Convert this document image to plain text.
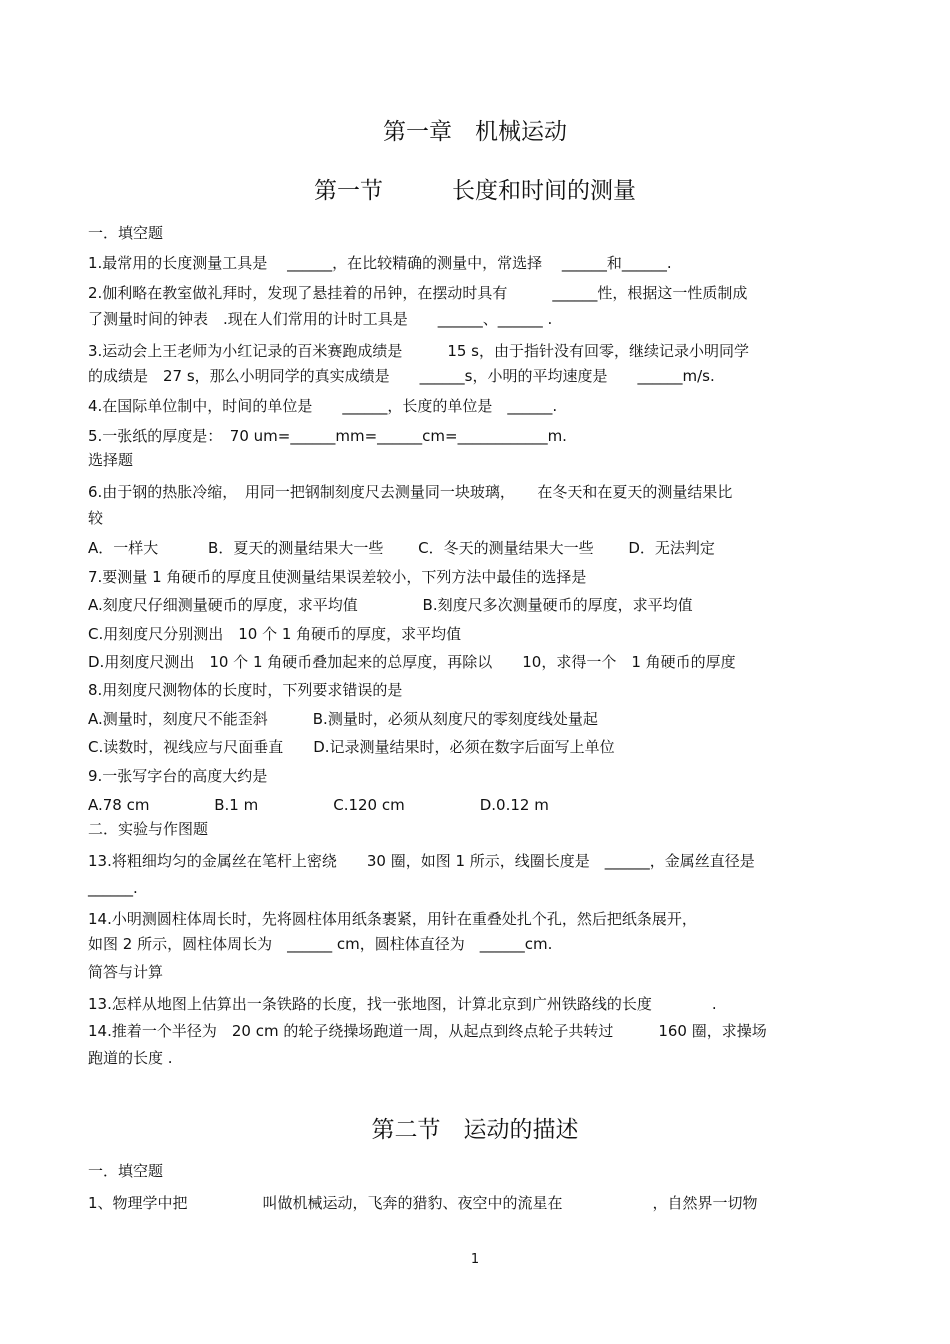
第一章　机械运动
第一节　　　长度和时间的测量
一．填空题
1.最常用的长度测量工具是　 ______，在比较精确的测量中，常选择　 ______和______.
2.伽利略在教室做礼拜时，发现了悬挂着的吊钟，在摆动时具有　　　______性，根据这一性质制成
了测量时间的钟表　.现在人们常用的计时工具是　　______、______ .
3.运动会上王老师为小红记录的百米赛跑成绩是　　　15 s，由于指针没有回零，继续记录小明同学
的成绩是　27 s，那么小明同学的真实成绩是　　______s，小明的平均速度是　　______m/s.
4.在国际单位制中，时间的单位是　　______，长度的单位是　______.
5.一张纸的厚度是：　70 um=______mm=______cm=____________m.
选择题
6.由于钢的热胀冷缩，　用同一把钢制刻度尺去测量同一块玻璃，　　在冬天和在夏天的测量结果比
较
A．一样大　　　 B．夏天的测量结果大一些　　 C．冬天的测量结果大一些　　 D．无法判定
7.要测量 1 角硬币的厚度且使测量结果误差较小，下列方法中最佳的选择是
A.刻度尺仔细测量硬币的厚度，求平均值　　　　 B.刻度尺多次测量硬币的厚度，求平均值
C.用刻度尺分别测出　10 个 1 角硬币的厚度，求平均值
D.用刻度尺测出　10 个 1 角硬币叠加起来的总厚度，再除以　　10，求得一个　1 角硬币的厚度
8.用刻度尺测物体的长度时，下列要求错误的是
A.测量时，刻度尺不能歪斜　　　B.测量时，必须从刻度尺的零刻度线处量起
C.读数时，视线应与尺面垂直　　D.记录测量结果时，必须在数字后面写上单位
9.一张写字台的高度大约是
A.78 cm　　　　 B.1 m　　　　　C.120 cm　　　　　D.0.12 m
二．实验与作图题
13.将粗细均匀的金属丝在笔杆上密绕　　30 圈，如图 1 所示，线圈长度是　______，金属丝直径是
______.
14.小明测圆柱体周长时，先将圆柱体用纸条裹紧，用针在重叠处扎个孔，然后把纸条展开，
如图 2 所示，圆柱体周长为　______ cm，圆柱体直径为　______cm.
简答与计算
13.怎样从地图上估算出一条铁路的长度，找一张地图，计算北京到广州铁路线的长度　　　　.
14.推着一个半径为　20 cm 的轮子绕操场跑道一周，从起点到终点轮子共转过　　　160 圈，求操场
跑道的长度 .
第二节　运动的描述
一．填空题
1、物理学中把　　　　　叫做机械运动，飞奔的猎豹、夜空中的流星在　　　　　　，自然界一切物
1
